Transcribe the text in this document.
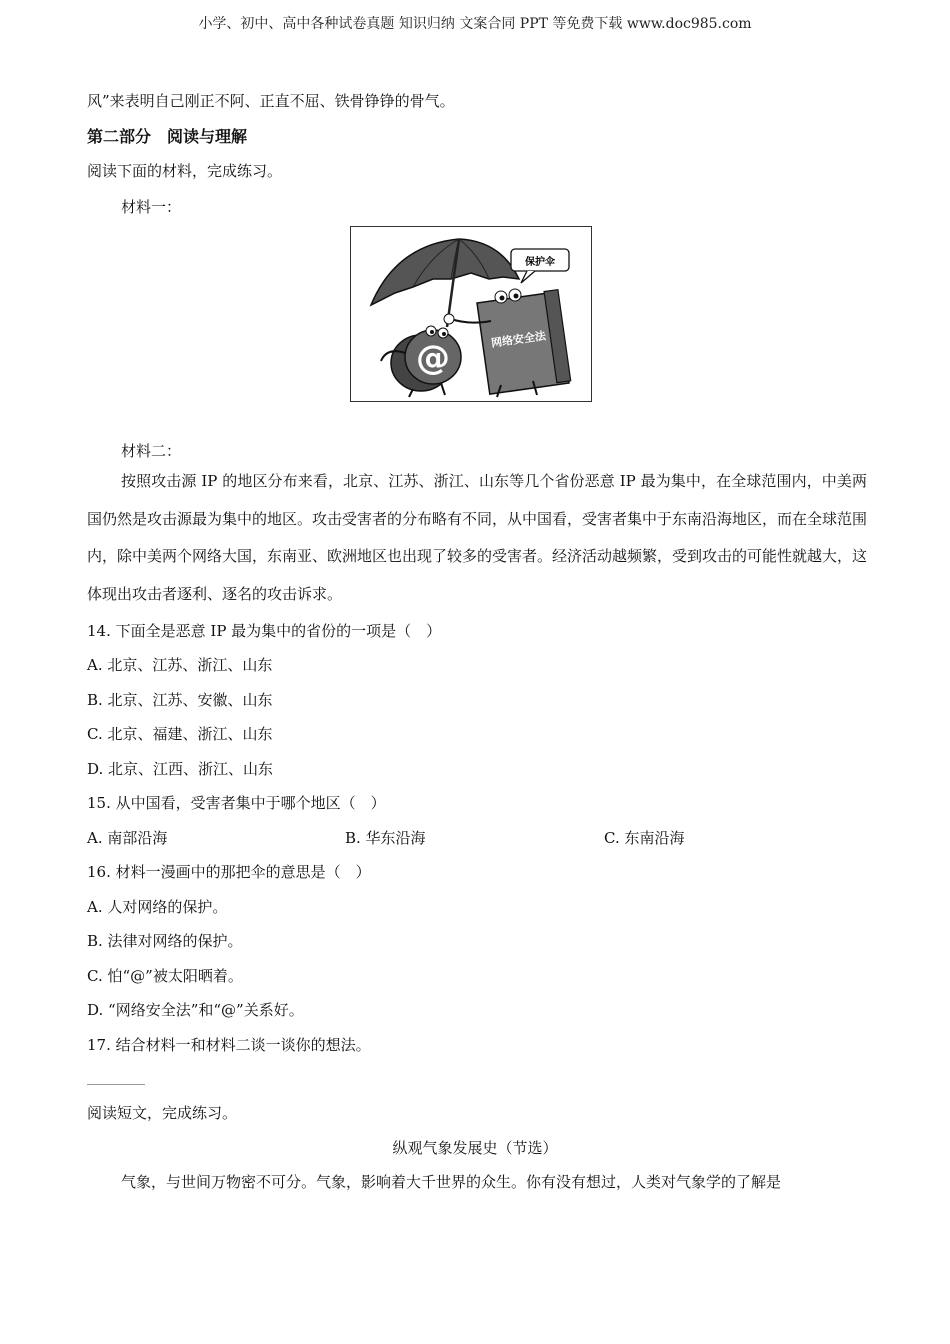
小学、初中、高中各种试卷真题 知识归纳 文案合同 PPT 等免费下载 www.doc985.com
风”来表明自己刚正不阿、正直不屈、铁骨铮铮的骨气。
第二部分　阅读与理解
阅读下面的材料，完成练习。
材料一：
保护伞
网络安全法
@
材料二：
按照攻击源 IP 的地区分布来看，北京、江苏、浙江、山东等几个省份恶意 IP 最为集中，在全球范围内，中美两国仍然是攻击源最为集中的地区。攻击受害者的分布略有不同，从中国看，受害者集中于东南沿海地区，而在全球范围内，除中美两个网络大国，东南亚、欧洲地区也出现了较多的受害者。经济活动越频繁，受到攻击的可能性就越大，这体现出攻击者逐利、逐名的攻击诉求。
14. 下面全是恶意 IP 最为集中的省份的一项是（　）
A. 北京、江苏、浙江、山东
B. 北京、江苏、安徽、山东
C. 北京、福建、浙江、山东
D. 北京、江西、浙江、山东
15. 从中国看，受害者集中于哪个地区（　）
A. 南部沿海	B. 华东沿海	C. 东南沿海
16. 材料一漫画中的那把伞的意思是（　）
A. 人对网络的保护。
B. 法律对网络的保护。
C. 怕“@”被太阳晒着。
D. “网络安全法”和“@”关系好。
17. 结合材料一和材料二谈一谈你的想法。
阅读短文，完成练习。
纵观气象发展史（节选）
气象，与世间万物密不可分。气象，影响着大千世界的众生。你有没有想过，人类对气象学的了解是
